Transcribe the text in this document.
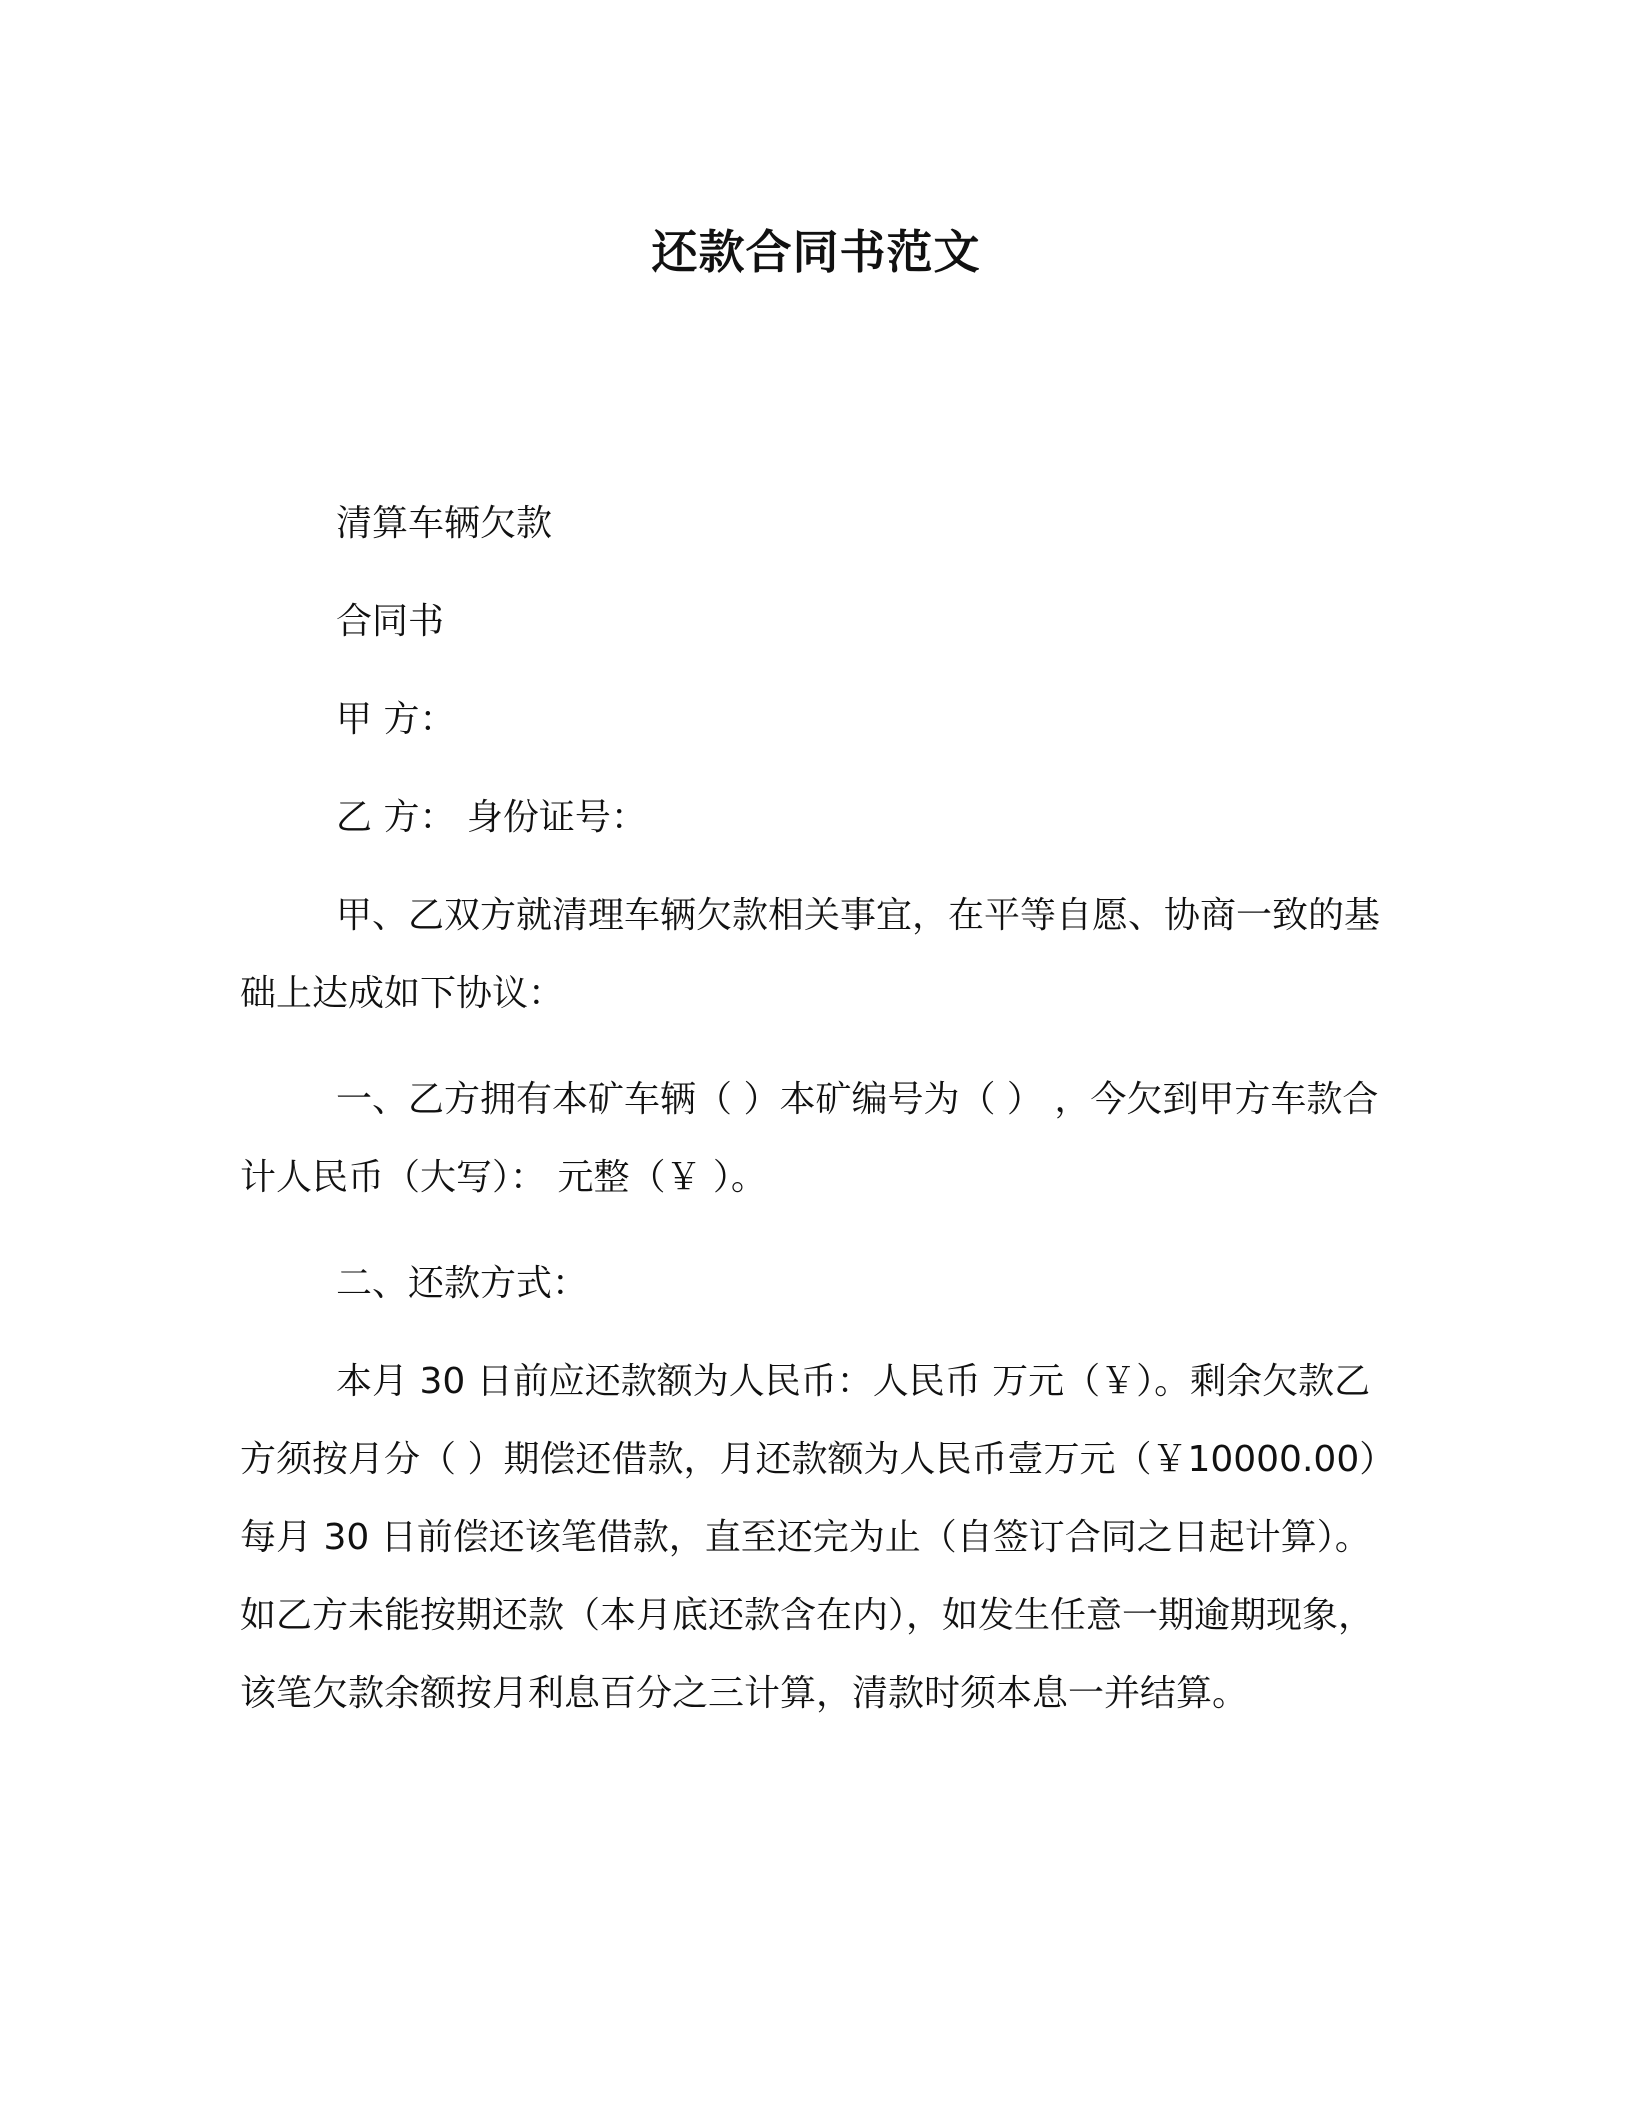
还款合同书范文

清算车辆欠款

合同书

甲 方：

乙 方： 身份证号：

甲、乙双方就清理车辆欠款相关事宜，在平等自愿、协商一致的基础上达成如下协议：

一、乙方拥有本矿车辆（ ）本矿编号为（ ） ，今欠到甲方车款合计人民币（大写）： 元整（￥ ）。

二、还款方式：

本月 30 日前应还款额为人民币：人民币 万元（￥）。剩余欠款乙方须按月分（ ）期偿还借款，月还款额为人民币壹万元（￥10000.00）每月 30 日前偿还该笔借款，直至还完为止（自签订合同之日起计算）。如乙方未能按期还款（本月底还款含在内），如发生任意一期逾期现象，该笔欠款余额按月利息百分之三计算，清款时须本息一并结算。
